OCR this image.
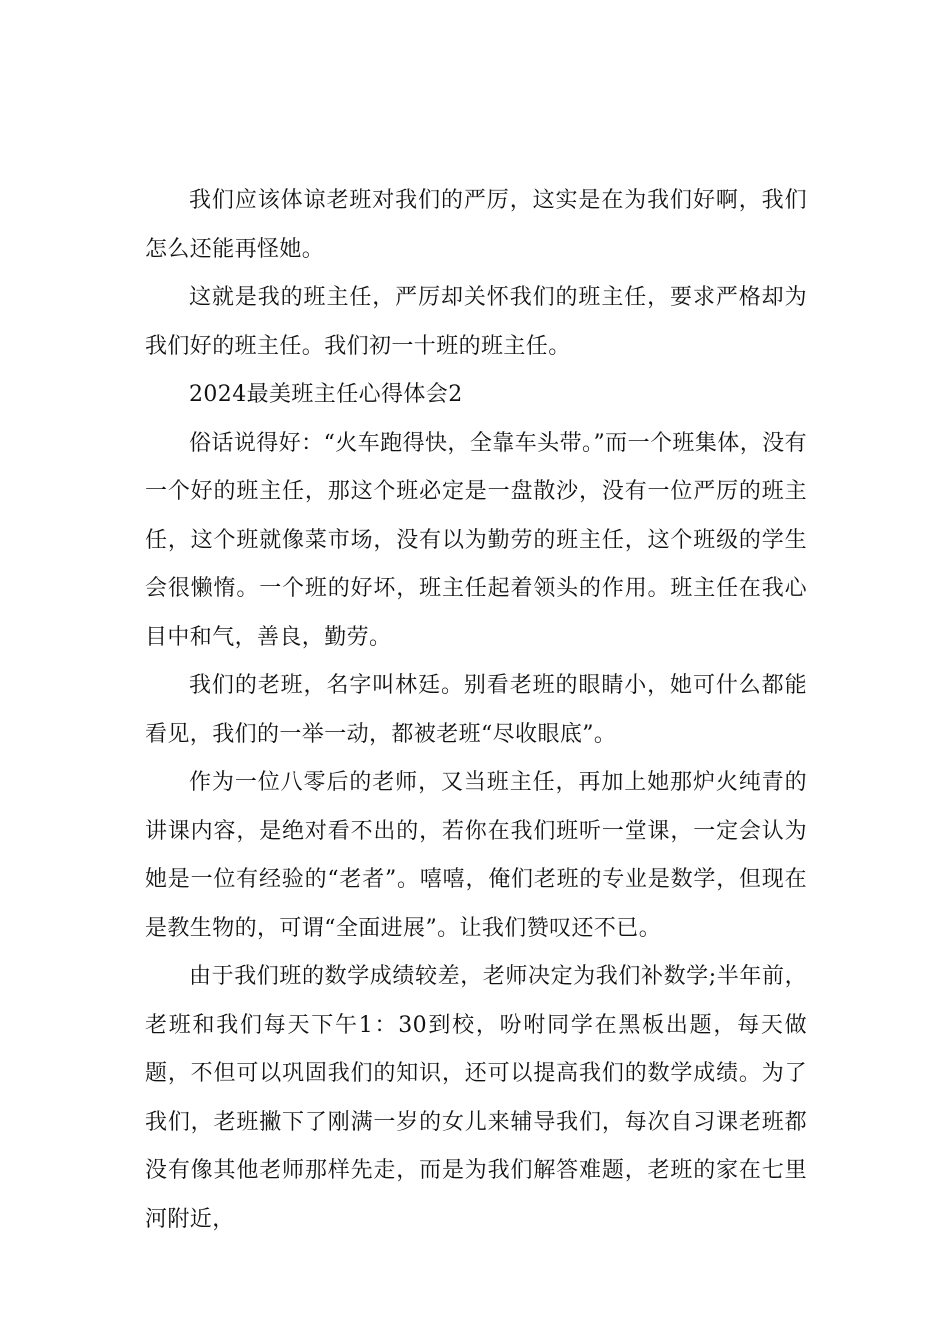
我们应该体谅老班对我们的严厉，这实是在为我们好啊，我们怎么还能再怪她。

这就是我的班主任，严厉却关怀我们的班主任，要求严格却为我们好的班主任。我们初一十班的班主任。

2024最美班主任心得体会2

俗话说得好：“火车跑得快，全靠车头带。”而一个班集体，没有一个好的班主任，那这个班必定是一盘散沙，没有一位严厉的班主任，这个班就像菜市场，没有以为勤劳的班主任，这个班级的学生会很懒惰。一个班的好坏，班主任起着领头的作用。班主任在我心目中和气，善良，勤劳。

我们的老班，名字叫林廷。别看老班的眼睛小，她可什么都能看见，我们的一举一动，都被老班“尽收眼底”。

作为一位八零后的老师，又当班主任，再加上她那炉火纯青的讲课内容，是绝对看不出的，若你在我们班听一堂课，一定会认为她是一位有经验的“老者”。嘻嘻，俺们老班的专业是数学，但现在是教生物的，可谓“全面进展”。让我们赞叹还不已。

由于我们班的数学成绩较差，老师决定为我们补数学;半年前，老班和我们每天下午1：30到校，吩咐同学在黑板出题，每天做题，不但可以巩固我们的知识，还可以提高我们的数学成绩。为了我们，老班撇下了刚满一岁的女儿来辅导我们，每次自习课老班都没有像其他老师那样先走，而是为我们解答难题，老班的家在七里河附近，
